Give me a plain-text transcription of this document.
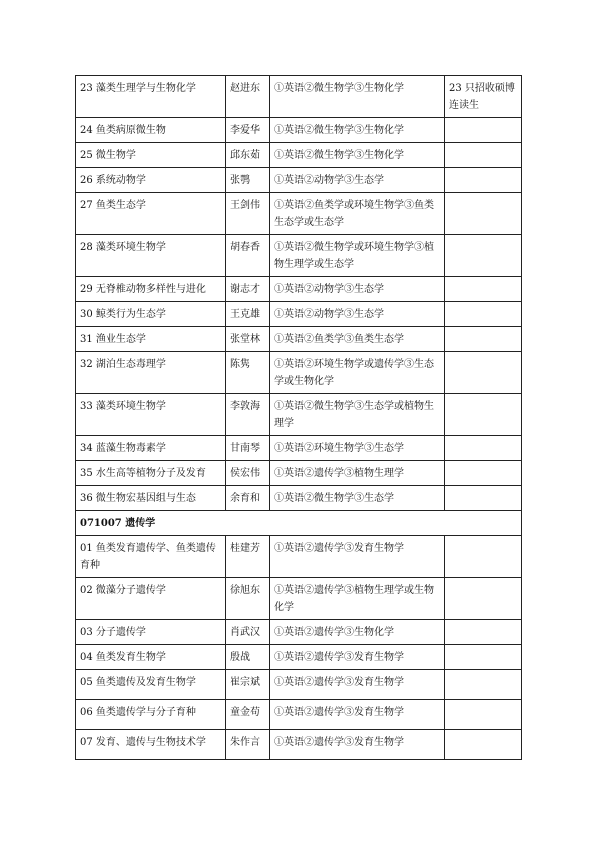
23 藻类生理学与生物化学	赵进东	①英语②微生物学③生物化学	23 只招收硕博连读生
24 鱼类病原微生物	李爱华	①英语②微生物学③生物化学	
25 微生物学	邱东茹	①英语②微生物学③生物化学	
26 系统动物学	张鹗	①英语②动物学③生态学	
27 鱼类生态学	王剑伟	①英语②鱼类学或环境生物学③鱼类生态学或生态学	
28 藻类环境生物学	胡春香	①英语②微生物学或环境生物学③植物生理学或生态学	
29 无脊椎动物多样性与进化	谢志才	①英语②动物学③生态学	
30 鲸类行为生态学	王克雄	①英语②动物学③生态学	
31 渔业生态学	张堂林	①英语②鱼类学③鱼类生态学	
32 湖泊生态毒理学	陈隽	①英语②环境生物学或遗传学③生态学或生物化学	
33 藻类环境生物学	李敦海	①英语②微生物学③生态学或植物生理学	
34 蓝藻生物毒素学	甘南琴	①英语②环境生物学③生态学	
35 水生高等植物分子及发育	侯宏伟	①英语②遗传学③植物生理学	
36 微生物宏基因组与生态	余育和	①英语②微生物学③生态学	
071007 遗传学			
01 鱼类发育遗传学、鱼类遗传育种	桂建芳	①英语②遗传学③发育生物学	
02 微藻分子遗传学	徐旭东	①英语②遗传学③植物生理学或生物化学	
03 分子遗传学	肖武汉	①英语②遗传学③生物化学	
04 鱼类发育生物学	殷战	①英语②遗传学③发育生物学	
05 鱼类遗传及发育生物学	崔宗斌	①英语②遗传学③发育生物学	
06 鱼类遗传学与分子育种	童金苟	①英语②遗传学③发育生物学	
07 发育、遗传与生物技术学	朱作言	①英语②遗传学③发育生物学	
